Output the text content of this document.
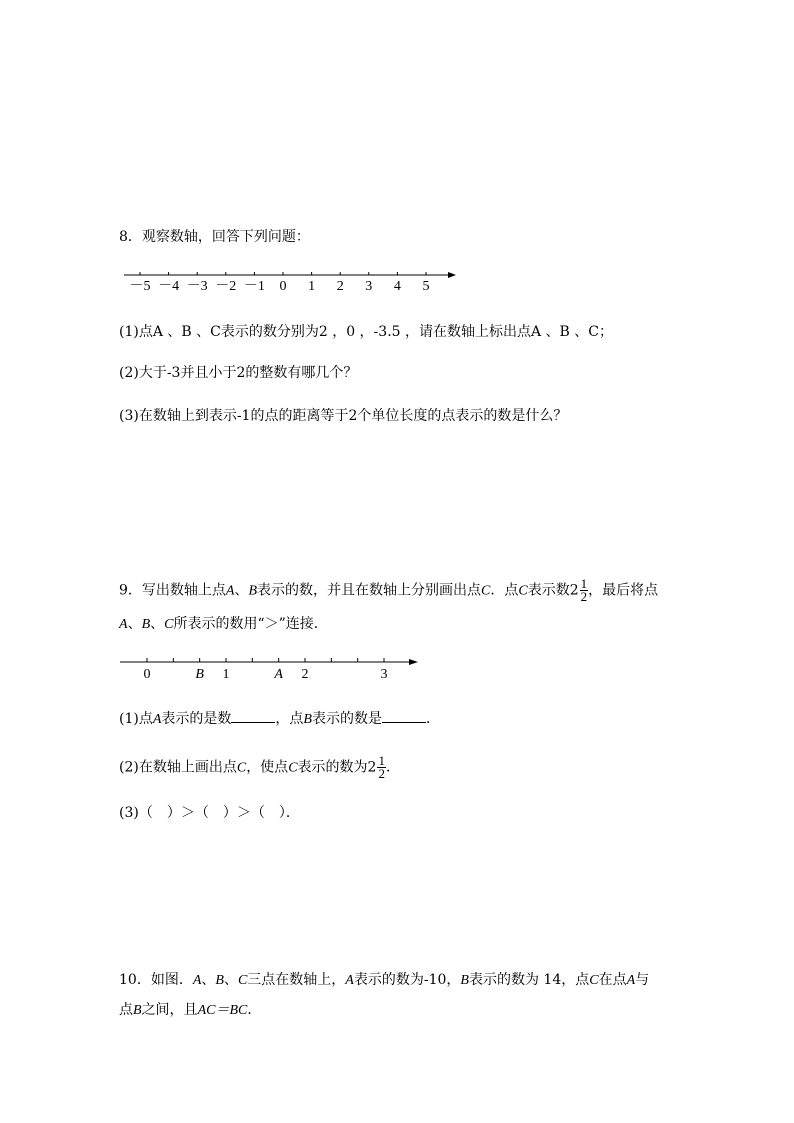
8．观察数轴，回答下列问题：
－5 －4 －3 －2 －1 0 1 2 3 4 5
(1)点A 、B 、C表示的数分别为2 ，0 ，-3.5 ，请在数轴上标出点A 、B 、C；
(2)大于-3并且小于2的整数有哪几个？
(3)在数轴上到表示-1的点的距离等于2个单位长度的点表示的数是什么？
9．写出数轴上点A、B表示的数，并且在数轴上分别画出点C．点C表示数$2 \frac{1}{2}$ ，最后将点
A、B、C所表示的数用“＞”连接．
0	B 1	A 2	3
(1)点A表示的是数	，点B表示的数是	．
(2)在数轴上画出点C，使点C表示的数为$2 \frac{1}{2}$ ．
(3)（　）＞（　）＞（　）．
10．如图．A、B、C三点在数轴上，A表示的数为-10，B表示的数为 14，点C在点A与
点B之间，且AC＝BC．
